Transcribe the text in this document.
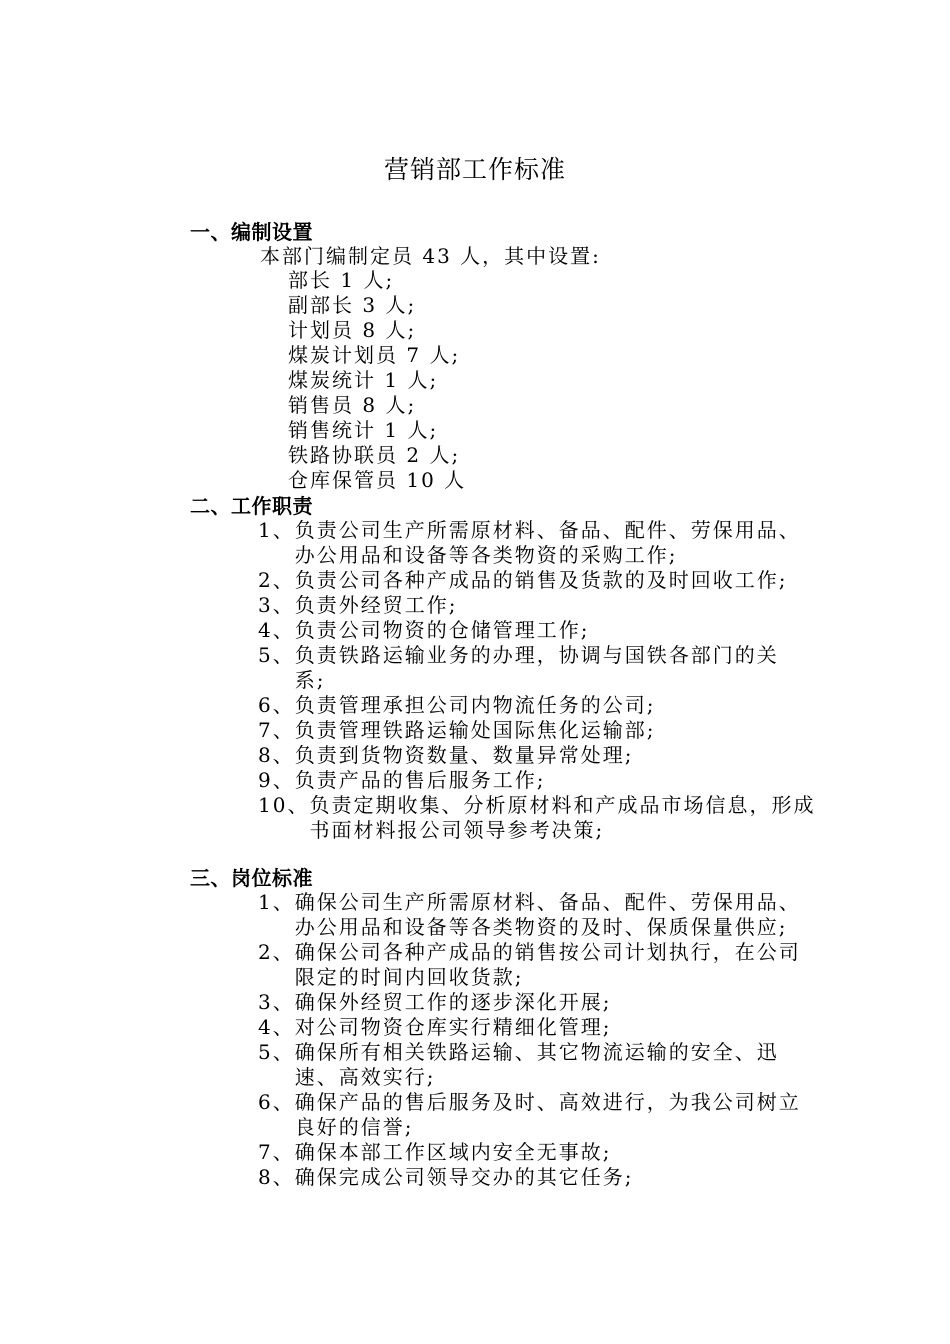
营销部工作标准
一、编制设置
本部门编制定员 43 人，其中设置:
部长 1 人;
副部长 3 人;
计划员 8 人;
煤炭计划员 7 人;
煤炭统计 1 人;
销售员 8 人;
销售统计 1 人;
铁路协联员 2 人;
仓库保管员 10 人
二、工作职责
1、 负责公司生产所需原材料、备品、配件、劳保用品、办公用品和设备等各类物资的采购工作;
2、 负责公司各种产成品的销售及货款的及时回收工作;
3、 负责外经贸工作;
4、 负责公司物资的仓储管理工作;
5、 负责铁路运输业务的办理，协调与国铁各部门的关系;
6、 负责管理承担公司内物流任务的公司;
7、 负责管理铁路运输处国际焦化运输部;
8、 负责到货物资数量、数量异常处理;
9、 负责产品的售后服务工作;
10、 负责定期收集、分析原材料和产成品市场信息，形成书面材料报公司领导参考决策;
三、岗位标准
1、 确保公司生产所需原材料、备品、配件、劳保用品、办公用品和设备等各类物资的及时、保质保量供应;
2、 确保公司各种产成品的销售按公司计划执行，在公司限定的时间内回收货款;
3、 确保外经贸工作的逐步深化开展;
4、 对公司物资仓库实行精细化管理;
5、 确保所有相关铁路运输、其它物流运输的安全、迅速、高效实行;
6、 确保产品的售后服务及时、高效进行，为我公司树立良好的信誉;
7、 确保本部工作区域内安全无事故;
8、 确保完成公司领导交办的其它任务;
